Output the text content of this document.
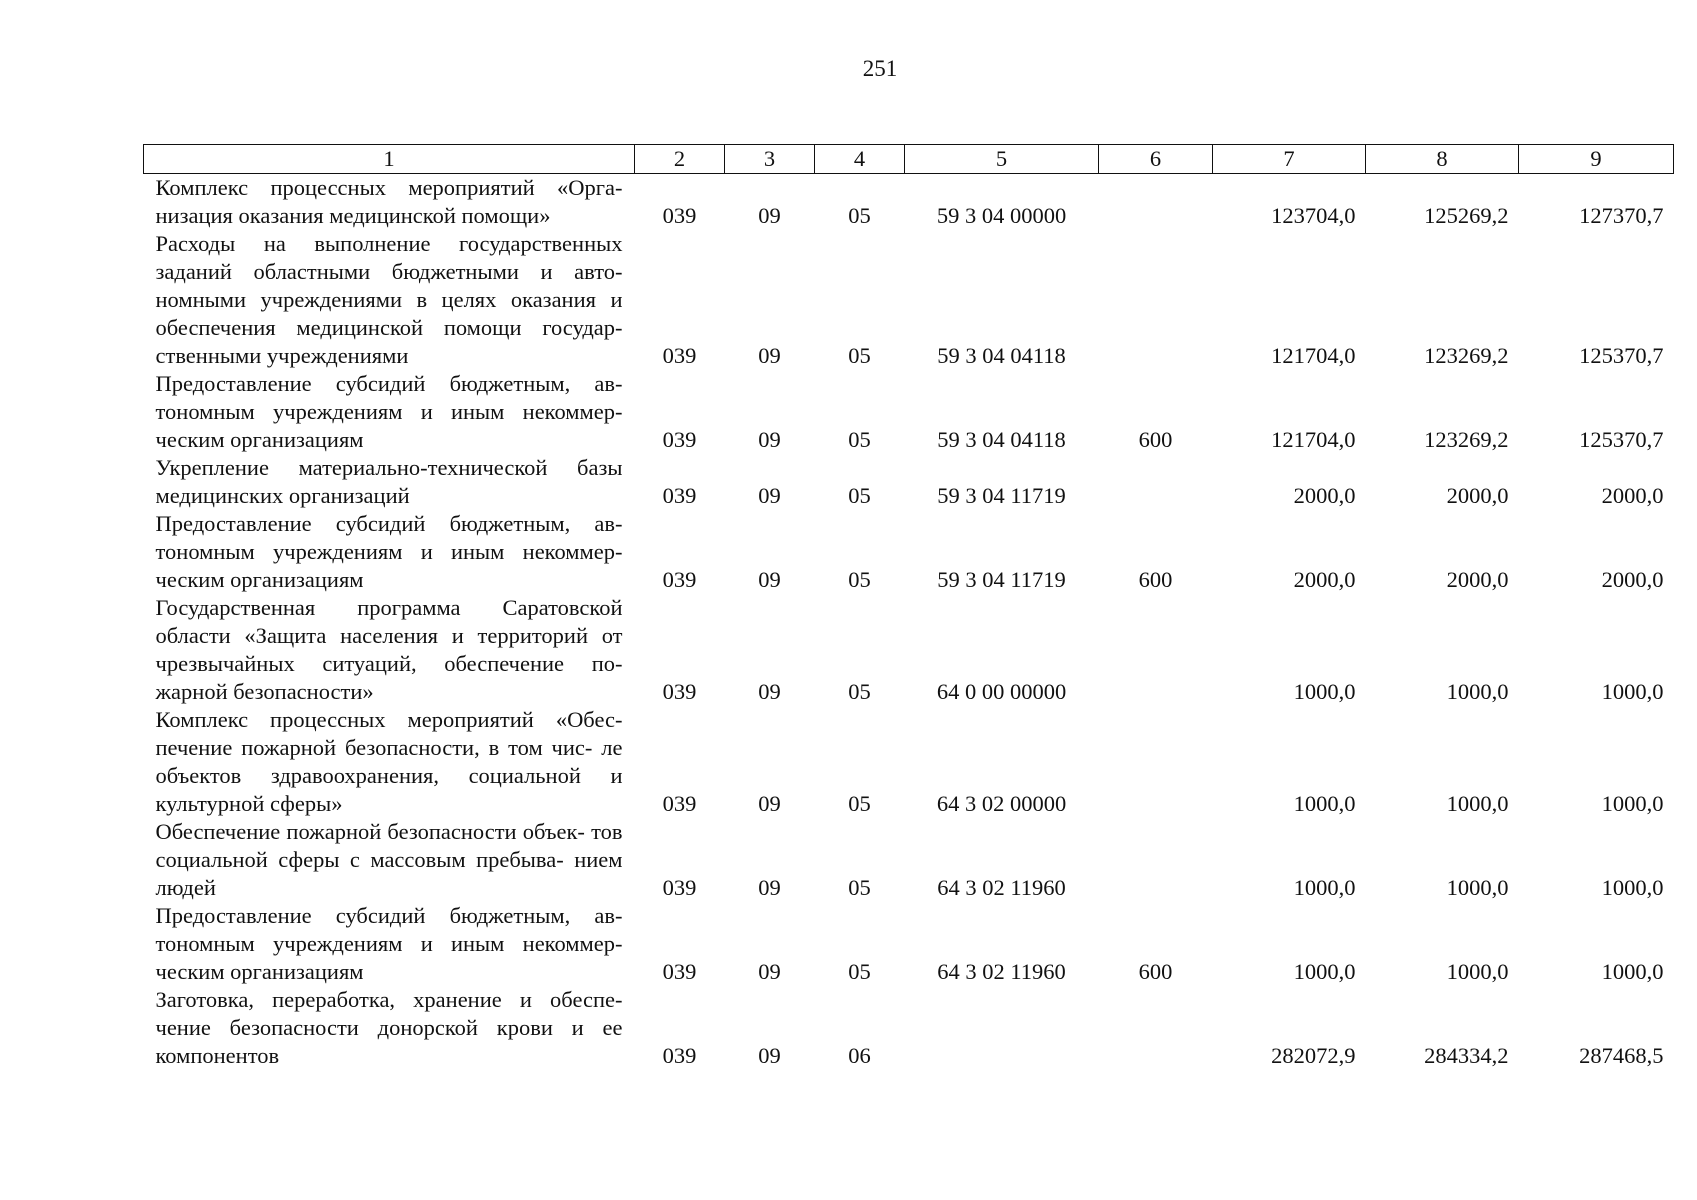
251
1	2	3	4	5	6	7	8	9
Комплекс процессных мероприятий «Орга- низация оказания медицинской помощи»	039	09	05	59 3 04 00000		123704,0	125269,2	127370,7
Расходы на выполнение государственных заданий областными бюджетными и авто- номными учреждениями в целях оказания и обеспечения медицинской помощи государ- ственными учреждениями	039	09	05	59 3 04 04118		121704,0	123269,2	125370,7
Предоставление субсидий бюджетным, ав- тономным учреждениям и иным некоммер- ческим организациям	039	09	05	59 3 04 04118	600	121704,0	123269,2	125370,7
Укрепление материально-технической базы медицинских организаций	039	09	05	59 3 04 11719		2000,0	2000,0	2000,0
Предоставление субсидий бюджетным, ав- тономным учреждениям и иным некоммер- ческим организациям	039	09	05	59 3 04 11719	600	2000,0	2000,0	2000,0
Государственная программа Саратовской области «Защита населения и территорий от чрезвычайных ситуаций, обеспечение по- жарной безопасности»	039	09	05	64 0 00 00000		1000,0	1000,0	1000,0
Комплекс процессных мероприятий «Обес- печение пожарной безопасности, в том чис- ле объектов здравоохранения, социальной и культурной сферы»	039	09	05	64 3 02 00000		1000,0	1000,0	1000,0
Обеспечение пожарной безопасности объек- тов социальной сферы с массовым пребыва- нием людей	039	09	05	64 3 02 11960		1000,0	1000,0	1000,0
Предоставление субсидий бюджетным, ав- тономным учреждениям и иным некоммер- ческим организациям	039	09	05	64 3 02 11960	600	1000,0	1000,0	1000,0
Заготовка, переработка, хранение и обеспе- чение безопасности донорской крови и ее компонентов	039	09	06			282072,9	284334,2	287468,5
